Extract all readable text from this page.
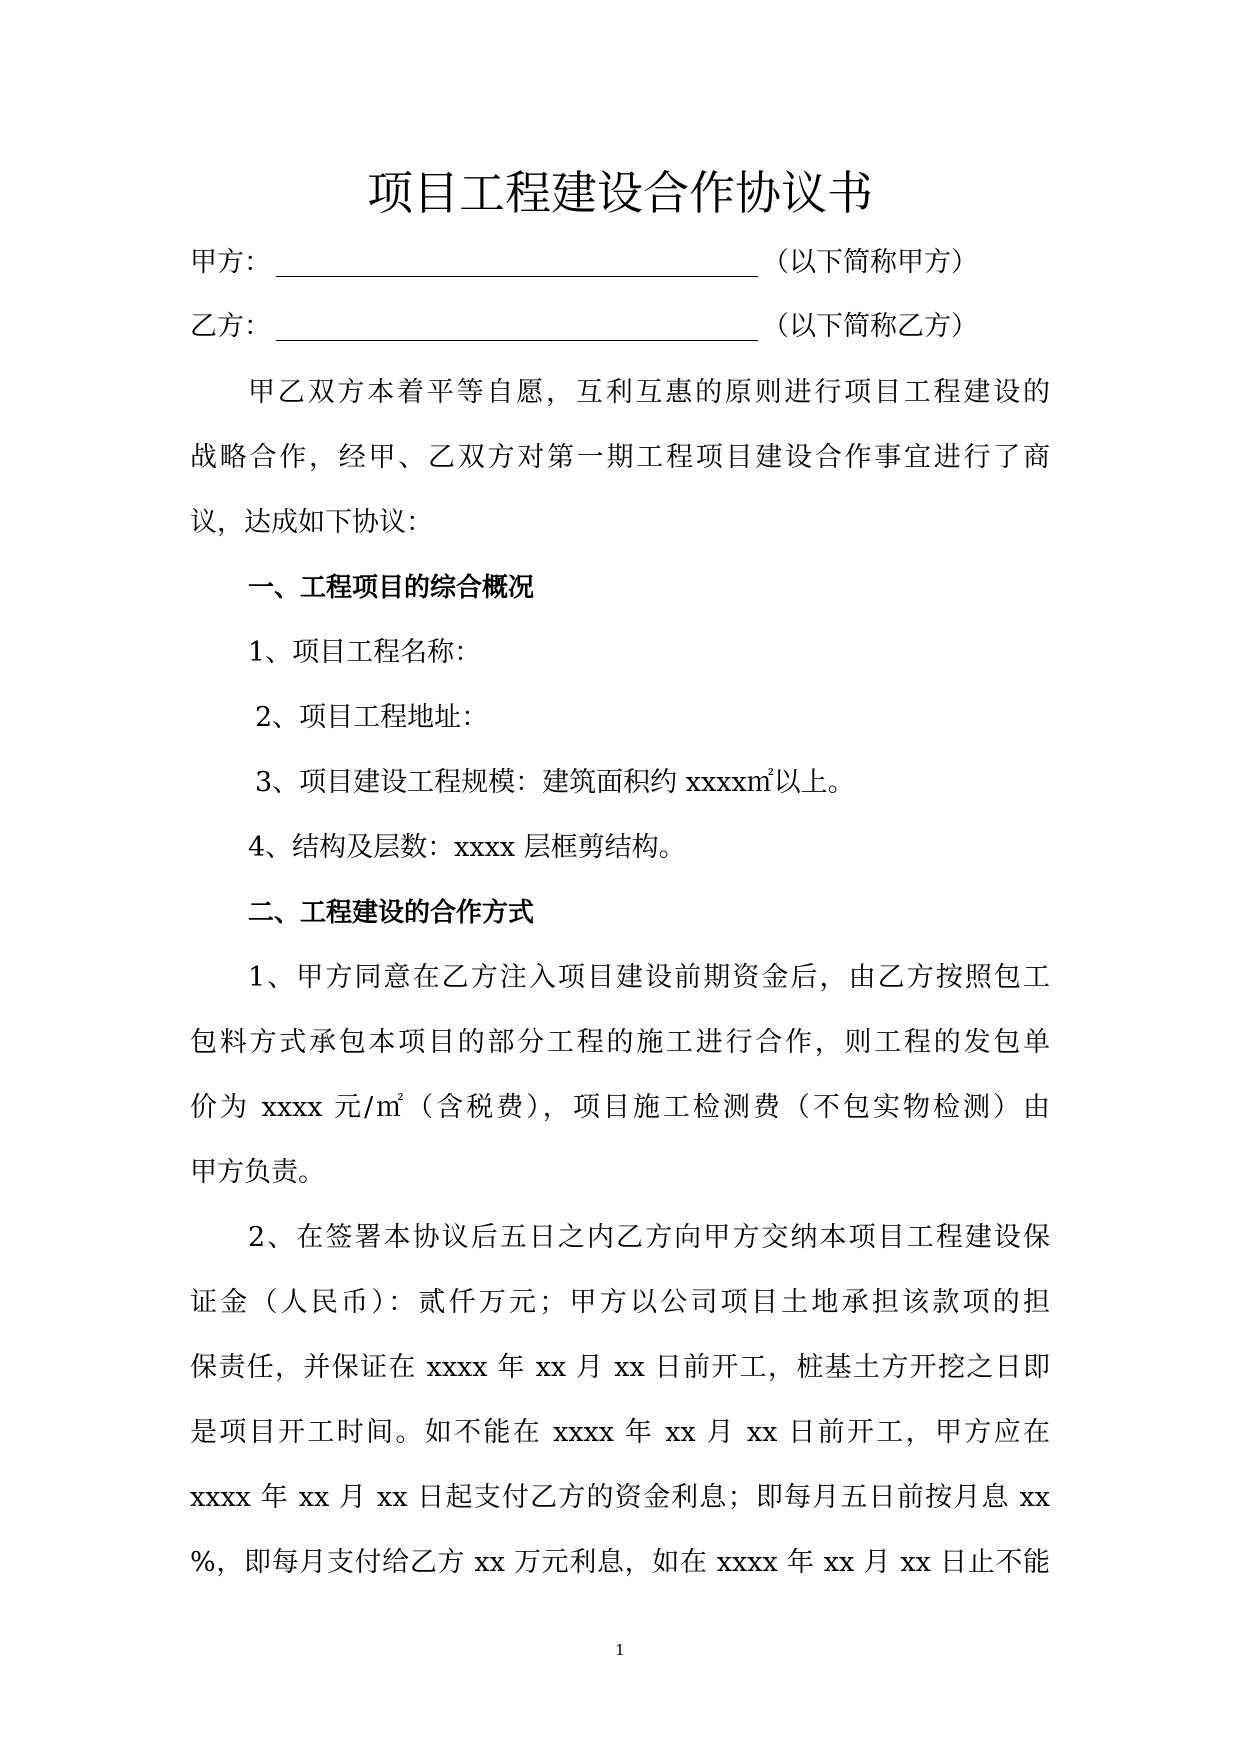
项目工程建设合作协议书
甲方：	（以下简称甲方）
乙方：	（以下简称乙方）
甲乙双方本着平等自愿，互利互惠的原则进行项目工程建设的
战略合作，经甲、乙双方对第一期工程项目建设合作事宜进行了商
议，达成如下协议：
一、工程项目的综合概况
1、项目工程名称：
2、项目工程地址：
3、项目建设工程规模：建筑面积约 xxxx㎡以上。
4、结构及层数：xxxx 层框剪结构。
二、工程建设的合作方式
1、甲方同意在乙方注入项目建设前期资金后，由乙方按照包工
包料方式承包本项目的部分工程的施工进行合作，则工程的发包单
价为 xxxx 元/㎡（含税费），项目施工检测费（不包实物检测）由
甲方负责。
2、在签署本协议后五日之内乙方向甲方交纳本项目工程建设保
证金（人民币）：贰仟万元；甲方以公司项目土地承担该款项的担
保责任，并保证在 xxxx 年 xx 月 xx 日前开工，桩基土方开挖之日即
是项目开工时间。如不能在 xxxx 年 xx 月 xx 日前开工，甲方应在
xxxx 年 xx 月 xx 日起支付乙方的资金利息；即每月五日前按月息 xx
%，即每月支付给乙方 xx 万元利息，如在 xxxx 年 xx 月 xx 日止不能
1
